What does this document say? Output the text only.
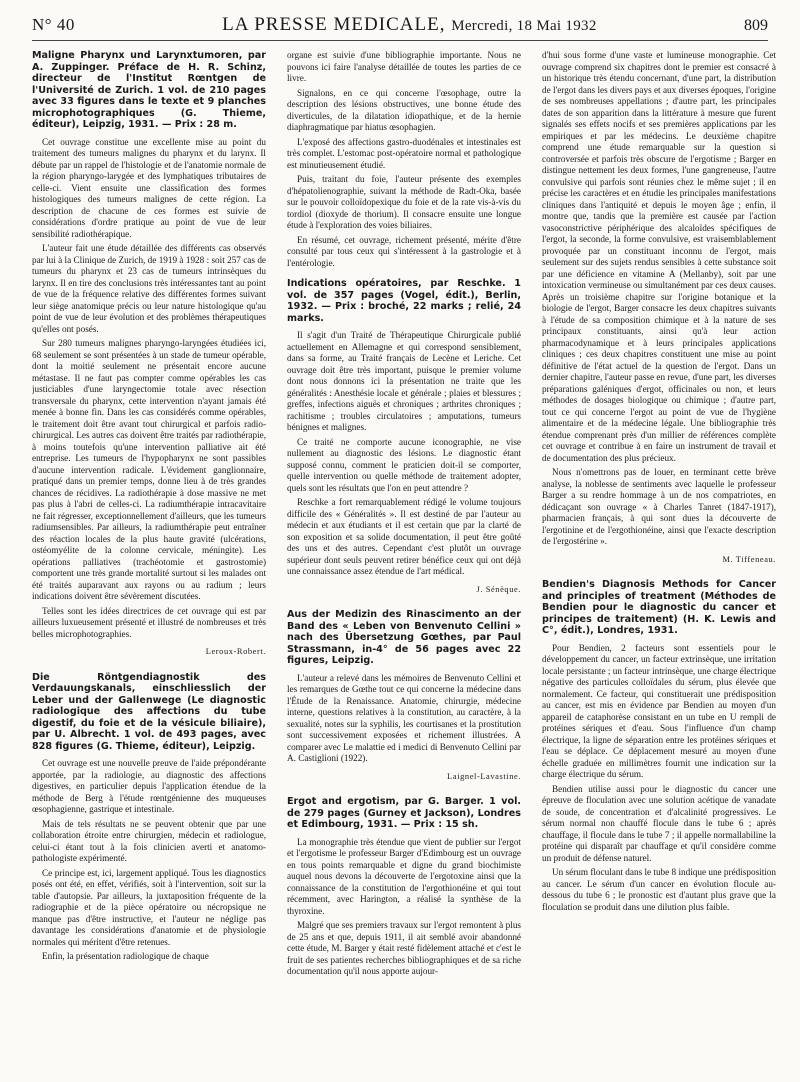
N° 40	LA PRESSE MEDICALE, Mercredi, 18 Mai 1932	809
Maligne Pharynx und Larynxtumoren, par A. Zuppinger. Préface de H. R. Schinz, directeur de l'Institut Rœntgen de l'Université de Zurich. 1 vol. de 210 pages avec 33 figures dans le texte et 9 planches microphotographiques (G. Thieme, éditeur), Leipzig, 1931. — Prix : 28 m.

Cet ouvrage constitue une excellente mise au point du traitement des tumeurs malignes du pharynx et du larynx. Il débute par un rappel de l'histologie et de l'anatomie normale de la région pharyngo-larygée et des lymphatiques tributaires de celle-ci. Vient ensuite une classification des formes histologiques des tumeurs malignes de cette région. La description de chacune de ces formes est suivie de considérations d'ordre pratique au point de vue de leur sensibilité radiothérapique.

L'auteur fait une étude détaillée des différents cas observés par lui à la Clinique de Zurich, de 1919 à 1928 : soit 257 cas de tumeurs du pharynx et 23 cas de tumeurs intrinsèques du larynx. Il en tire des conclusions très intéressantes tant au point de vue de la fréquence relative des différentes formes suivant leur siège anatomique précis ou leur nature histologique qu'au point de vue de leur évolution et des problèmes thérapeutiques qu'elles ont posés.

Sur 280 tumeurs malignes pharyngo-laryngées étudiées ici, 68 seulement se sont présentées à un stade de tumeur opérable, dont la moitié seulement ne présentait encore aucune métastase. Il ne faut pas compter comme opérables les cas justiciables d'une laryngectomie totale avec résection transversale du pharynx, cette intervention n'ayant jamais été menée à bonne fin. Dans les cas considérés comme opérables, le traitement doit être avant tout chirurgical et parfois radio-chirurgical. Les autres cas doivent être traités par radiothérapie, à moins toutefois qu'une intervention palliative ait été entreprise. Les tumeurs de l'hypopharynx ne sont passibles d'aucune intervention radicale. L'évidement ganglionnaire, pratiqué dans un premier temps, donne lieu à de très grandes chances de récidives. La radiothérapie à dose massive ne met pas plus à l'abri de celles-ci. La radiumthérapie intracavitaire ne fait régresser, exceptionnellement d'ailleurs, que les tumeurs radiumsensibles. Par ailleurs, la radiumthérapie peut entraîner des réaction locales de la plus haute gravité (ulcérations, ostéomyélite de la colonne cervicale, méningite). Les opérations palliatives (trachéotomie et gastrostomie) comportent une très grande mortalité surtout si les malades ont été traités auparavant aux rayons ou au radium ; leurs indications doivent être sévèrement discutées.

Telles sont les idées directrices de cet ouvrage qui est par ailleurs luxueusement présenté et illustré de nombreuses et très belles microphotographies.

Leroux-Robert.
Die Röntgendiagnostik des Verdauungskanals, einschliesslich der Leber und der Gallenwege (Le diagnostic radiologique des affections du tube digestif, du foie et de la vésicule biliaire), par U. Albrecht. 1 vol. de 493 pages, avec 828 figures (G. Thieme, éditeur), Leipzig.

Cet ouvrage est une nouvelle preuve de l'aide prépondérante apportée, par la radiologie, au diagnostic des affections digestives, en particulier depuis l'application étendue de la méthode de Berg à l'étude rœntgénienne des muqueuses œsophagienne, gastrique et intestinale.

Mais de tels résultats ne se peuvent obtenir que par une collaboration étroite entre chirurgien, médecin et radiologue, celui-ci étant tout à la fois clinicien averti et anatomo-pathologiste expérimenté.

Ce principe est, ici, largement appliqué. Tous les diagnostics posés ont été, en effet, vérifiés, soit à l'intervention, soit sur la table d'autopsie. Par ailleurs, la juxtaposition fréquente de la radiographie et de la pièce opératoire ou nécropsique ne manque pas d'être instructive, et l'auteur ne néglige pas davantage les considérations d'anatomie et de physiologie normales qui méritent d'être retenues.

Enfin, la présentation radiologique de chaque

organe est suivie d'une bibliographie importante. Nous ne pouvons ici faire l'analyse détaillée de toutes les parties de ce livre.

Signalons, en ce qui concerne l'œsophage, outre la description des lésions obstructives, une bonne étude des diverticules, de la dilatation idiopathique, et de la hernie diaphragmatique par hiatus œsophagien.

L'exposé des affections gastro-duodénales et intestinales est très complet. L'estomac post-opératoire normal et pathologique est minutieusement étudié.

Puis, traitant du foie, l'auteur présente des exemples d'hépatolienographie, suivant la méthode de Radt-Oka, basée sur le pouvoir colloïdopexique du foie et de la rate vis-à-vis du tordiol (dioxyde de thorium). Il consacre ensuite une longue étude à l'exploration des voies biliaires.

En résumé, cet ouvrage, richement présenté, mérite d'être consulté par tous ceux qui s'intéressent à la gastrologie et à l'entérologie.

Indications opératoires, par Reschke. 1 vol. de 357 pages (Vogel, édit.), Berlin, 1932. — Prix : broché, 22 marks ; relié, 24 marks.

Il s'agit d'un Traité de Thérapeutique Chirurgicale publié actuellement en Allemagne et qui correspond sensiblement, dans sa forme, au Traité français de Lecène et Leriche. Cet ouvrage doit être très important, puisque le premier volume dont nous donnons ici la présentation ne traite que les généralités : Anesthésie locale et générale ; plaies et blessures ; greffes, infections aiguës et chroniques ; arthrites chroniques ; rachitisme ; troubles circulatoires ; amputations, tumeurs bénignes et malignes.

Ce traité ne comporte aucune iconographie, ne vise nullement au diagnostic des lésions. Le diagnostic étant supposé connu, comment le praticien doit-il se comporter, quelle intervention ou quelle méthode de traitement adopter, quels sont les résultats que l'on en peut attendre ?

Reschke a fort remarquablement rédigé le volume toujours difficile des « Généralités ». Il est destiné de par l'auteur au médecin et aux étudiants et il est certain que par la clarté de son exposition et sa solide documentation, il peut être goûté des uns et des autres. Cependant c'est plutôt un ouvrage supérieur dont seuls peuvent retirer bénéfice ceux qui ont déjà une connaissance assez étendue de l'art médical.

J. Sénèque.
Aus der Medizin des Rinascimento an der Band des « Leben von Benvenuto Cellini » nach des Übersetzung Gœthes, par Paul Strassmann, in-4° de 56 pages avec 22 figures, Leipzig.

L'auteur a relevé dans les mémoires de Benvenuto Cellini et les remarques de Gœthe tout ce qui concerne la médecine dans l'Étude de la Renaissance. Anatomie, chirurgie, médecine interne, questions relatives à la constitution, au caractère, à la sexualité, notes sur la syphilis, les courtisanes et la prostitution sont successivement exposées et richement illustrées. A comparer avec Le malattie ed i medici di Benvenuto Cellini par A. Castiglioni (1922).

Laignel-Lavastine.
Ergot and ergotism, par G. Barger. 1 vol. de 279 pages (Gurney et Jackson), Londres et Edimbourg, 1931. — Prix : 15 sh.

La monographie très étendue que vient de publier sur l'ergot et l'ergotisme le professeur Barger d'Edimbourg est un ouvrage en tous points remarquable et digne du grand biochimiste auquel nous devons la découverte de l'ergotoxine ainsi que la connaissance de la constitution de l'ergothionéine et qui tout récemment, avec Harington, a réalisé la synthèse de la thyroxine.

Malgré que ses premiers travaux sur l'ergot remontent à plus de 25 ans et que, depuis 1911, il ait semblé avoir abandonné cette étude, M. Barger y était resté fidèlement attaché et c'est le fruit de ses patientes recherches bibliographiques et de sa riche documentation qu'il nous apporte aujour-

d'hui sous forme d'une vaste et lumineuse monographie. Cet ouvrage comprend six chapitres dont le premier est consacré à un historique très étendu concernant, d'une part, la distribution de l'ergot dans les divers pays et aux diverses époques, l'origine de ses nombreuses appellations ; d'autre part, les principales dates de son apparition dans la littérature à mesure que furent signalés ses effets nocifs et ses premières applications par les empiriques et par les médecins. Le deuxième chapitre comprend une étude remarquable sur la question si controversée et parfois très obscure de l'ergotisme ; Barger en distingue nettement les deux formes, l'une gangreneuse, l'autre convulsive qui parfois sont réunies chez le même sujet ; il en précise les caractères et en étudie les principales manifestations cliniques dans l'antiquité et depuis le moyen âge ; enfin, il montre que, tandis que la première est causée par l'action vasoconstrictive périphérique des alcaloïdes spécifiques de l'ergot, la seconde, la forme convulsive, est vraisemblablement provoquée par un constituant inconnu de l'ergot, mais seulement sur des sujets rendus sensibles à cette substance soit par une déficience en vitamine A (Mellanby), soit par une intoxication vermineuse ou simultanément par ces deux causes. Après un troisième chapitre sur l'origine botanique et la biologie de l'ergot, Barger consacre les deux chapitres suivants à l'étude de sa composition chimique et à la nature de ses principaux constituants, ainsi qu'à leur action pharmacodynamique et à leurs principales applications cliniques ; ces deux chapitres constituent une mise au point définitive de l'état actuel de la question de l'ergot. Dans un dernier chapitre, l'auteur passe en revue, d'une part, les diverses préparations galéniques d'ergot, officinales ou non, et leurs méthodes de dosages biologique ou chimique ; d'autre part, tout ce qui concerne l'ergot au point de vue de l'hygiène alimentaire et de la médecine légale. Une bibliographie très étendue comprenant près d'un millier de références complète cet ouvrage et contribue à en faire un instrument de travail et de documentation des plus précieux.

Nous n'omettrons pas de louer, en terminant cette brève analyse, la noblesse de sentiments avec laquelle le professeur Barger a su rendre hommage à un de nos compatriotes, en dédicaçant son ouvrage « à Charles Tanret (1847-1917), pharmacien français, à qui sont dues la découverte de l'ergotinine et de l'ergothionéine, ainsi que l'exacte description de l'ergostérine ».

M. Tiffeneau.
Bendien's Diagnosis Methods for Cancer and principles of treatment (Méthodes de Bendien pour le diagnostic du cancer et principes de traitement) (H. K. Lewis and C°, édit.), Londres, 1931.

Pour Bendien, 2 facteurs sont essentiels pour le développement du cancer, un facteur extrinsèque, une irritation locale persistante ; un facteur intrinsèque, une charge électrique négative des particules colloïdales du sérum, plus élevée que normalement. Ce facteur, qui constituerait une prédisposition au cancer, est mis en évidence par Bendien au moyen d'un appareil de cataphorèse consistant en un tube en U rempli de protéines sériques et d'eau. Sous l'influence d'un champ électrique, la ligne de séparation entre les protéines sériques et l'eau se déplace. Ce déplacement mesuré au moyen d'une échelle graduée en millimètres fournit une indication sur la charge électrique du sérum.

Bendien utilise aussi pour le diagnostic du cancer une épreuve de floculation avec une solution acétique de vanadate de soude, de concentration et d'alcalinité progressives. Le sérum normal non chauffé flocule dans le tube 6 ; après chauffage, il flocule dans le tube 7 ; il appelle normallabiline la protéine qui disparaît par chauffage et qu'il considère comme un produit de défense naturel.

Un sérum floculant dans le tube 8 indique une prédisposition au cancer. Le sérum d'un cancer en évolution flocule au-dessous du tube 6 ; le pronostic est d'autant plus grave que la floculation se produit dans une dilution plus faible.
